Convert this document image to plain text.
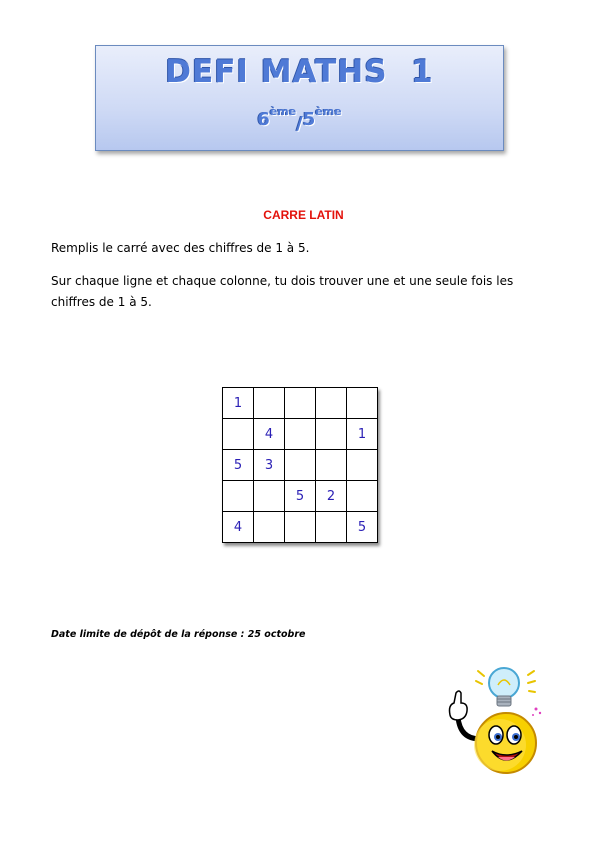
DEFI MATHS  1
6ème/5ème
CARRE LATIN
Remplis le carré avec des chiffres de 1 à 5.
Sur chaque ligne et chaque colonne, tu dois trouver une et une seule fois les chiffres de 1 à 5.
1				
	4			1
5	3			
		5	2	
4				5
Date limite de dépôt de la réponse : 25 octobre
